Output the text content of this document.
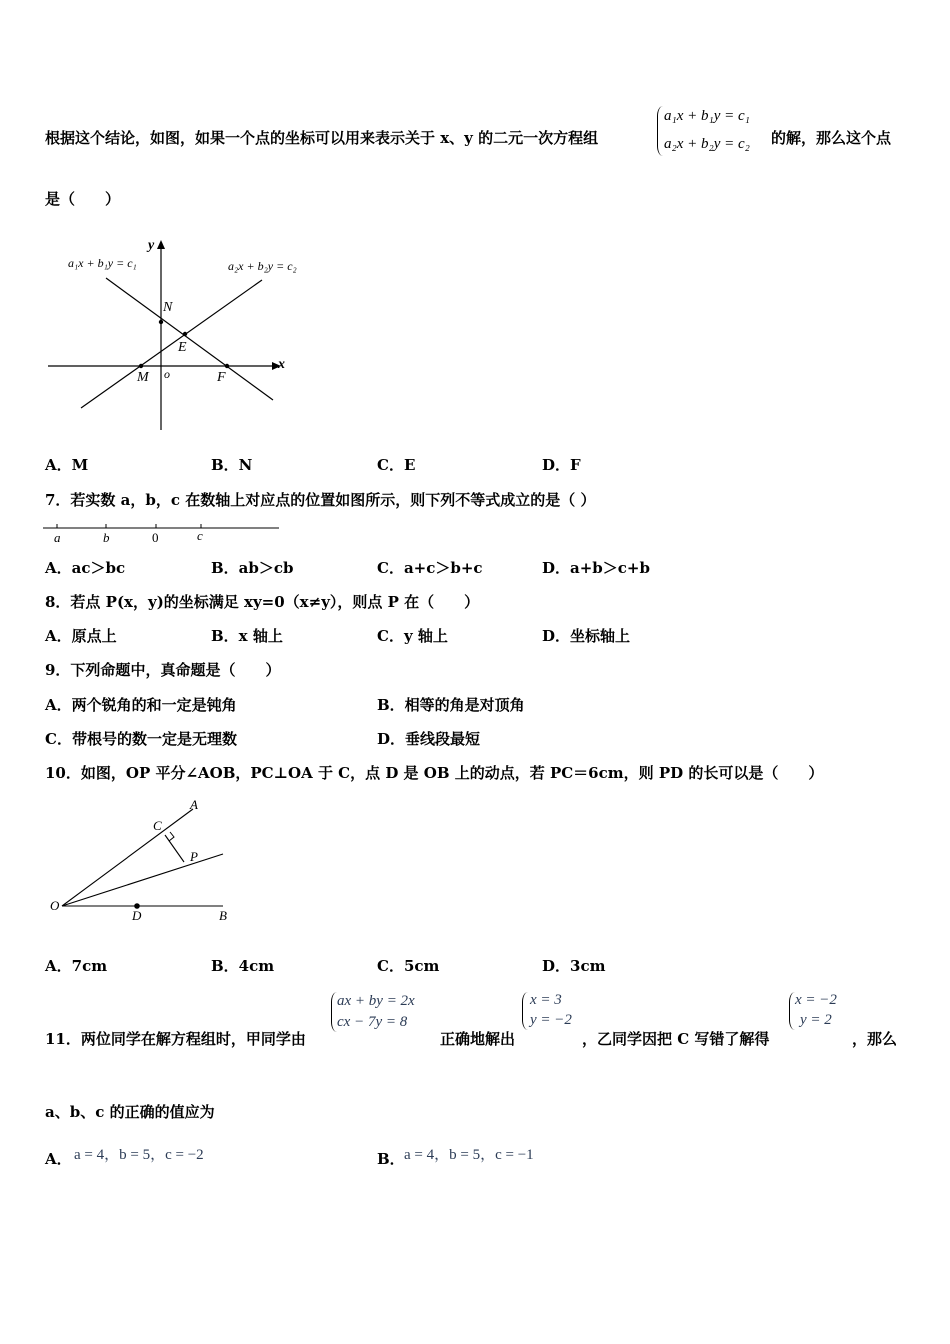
根据这个结论，如图，如果一个点的坐标可以用来表示关于 x、y 的二元一次方程组
a₁x + b₁y = c₁
a₂x + b₂y = c₂ 的解，那么这个点
是（　　）
a₁x + b₁y = c₁	a₂x + b₂y = c₂
y
x
o
N
E
M	F
A．M	B．N	C．E	D．F
7．若实数 a，b，c 在数轴上对应点的位置如图所示，则下列不等式成立的是（ ）
a	b	0	c
A．ac＞bc	B．ab＞cb	C．a+c＞b+c	D．a+b＞c+b
8．若点 P(x，y)的坐标满足 xy=0（x≠y），则点 P 在（　　）
A．原点上	B．x 轴上	C．y 轴上	D．坐标轴上
9．下列命题中，真命题是（　　）
A．两个锐角的和一定是钝角	B．相等的角是对顶角
C．带根号的数一定是无理数	D．垂线段最短
10．如图，OP 平分∠AOB，PC⊥OA 于 C，点 D 是 OB 上的动点，若 PC＝6cm，则 PD 的长可以是（　　）
A
C
P
O
D	B
A．7cm	B．4cm	C．5cm	D．3cm
11．两位同学在解方程组时，甲同学由
ax + by = 2x
cx − 7y = 8
正确地解出
x = 3
y = −2
，乙同学因把 C 写错了解得
x = −2
y = 2
，那么
a、b、c 的正确的值应为
A． a = 4，b = 5，c = −2	B． a = 4，b = 5，c = −1
